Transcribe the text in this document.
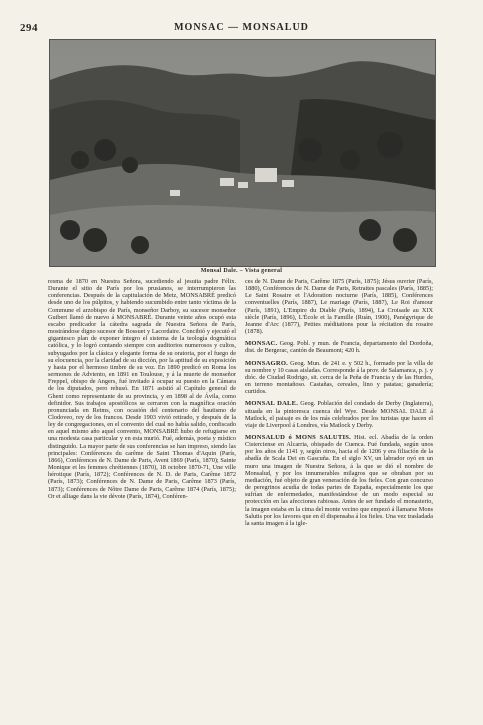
294	MONSAC — MONSALUD
Monsal Dale. – Vista general

resma de 1870 en Nuestra Señora, sucediendo al jesuita padre Félix. Durante el sitio de París por los prusianos, se interrumpieron las conferencias. Después de la capitulación de Metz, MONSABRÉ predicó desde uno de los púlpitos, y habiendo sucumbido entre tanto víctima de la Commune el arzobispo de París, monseñor Darboy, su sucesor monseñor Guibert llamó de nuevo á MONSABRÉ. Durante veinte años ocupó esta escabo predicador la cátedra sagrada de Nuestra Señora de París, mostrándose digno sucesor de Bossuet y Lacordaire. Concibió y ejecutó el gigantesco plan de exponer íntegro el sistema de la teología dogmática católica, y lo logró contando siempre con auditorios numerosos y cultos, subyugados por la clásica y elegante forma de su oratoria, por el fuego de su elocuencia, por la claridad de su dicción, por la aptitud de su exposición y hasta por el hermoso timbre de su voz. En 1890 predicó en Roma los sermones de Adviento, en 1891 en Toulouse, y á la muerte de monseñor Freppel, obispo de Angers, fué invitado á ocupar su puesto en la Cámara de los diputados, pero rehusó. En 1871 asistió al Capítulo general de Ghent como representante de su provincia, y en 1898 al de Ávila, como definidor. Sus trabajos apostólicos se cerraron con la magnífica oración pronunciada en Reims, con ocasión del centenario del bautismo de Clodoveo, rey de los francos. Desde 1903 vivió retirado, y después de la ley de congregaciones, en el convento del cual no había salido, confiscado en aquel mismo año aquel convento, MONSABRÉ hubo de refugiarse en una modesta casa particular y en esta murió. Fué, además, poeta y místico distinguido. La mayor parte de sus conferencias se han impreso, siendo las principales: Conférences du carême de Saint Thomas d'Aquin (París, 1866), Conférences de N. Dame de Paris, Avent 1869 (París, 1870); Sainte Monique et les femmes chrétiennes (1870), 18 octobre 1870-71, Une ville hérotique (París, 1872); Conférences de N. D. de Paris, Carême 1872 (París, 1873); Conférences de N. Dame de Paris, Carême 1873 (París, 1873); Conférences de Nôtre Dame de Paris, Carême 1874 (París, 1875); Or et alliage dans la vie dévote (París, 1874), Conféren-

ces de N. Dame de Paris, Carême 1875 (París, 1875); Jésus ouvrier (París, 1880), Conférences de N. Dame de Paris, Retraites pascales (París, 1885); Le Saint Rosaire et l'Adoration nocturne (París, 1885), Conférences conventuelles (París, 1887), Le mariage (París, 1887), Le Roi d'amour (París, 1891), L'Empire du Diable (París, 1894), La Croisade au XIX siècle (París, 1896), L'École et la Famille (Ruán, 1900), Panégyrique de Jeanne d'Arc (1877), Petites méditations pour la récitation du rosaire (1878).

MONSAC. Geog. Pobl. y mun. de Francia, departamento del Dordoña, dist. de Bergerac, cantón de Beaumont; 420 h.

MONSAGRO. Geog. Mun. de 241 e. y 502 h., formado por la villa de su nombre y 10 casas aisladas. Corresponde á la prov. de Salamanca, p. j. y dióc. de Ciudad Rodrigo, sit. cerca de la Peña de Francia y de las Hurdes, en terreno montañoso. Castañas, cereales, lino y patatas; ganadería; curtidos.

MONSAL DALE. Geog. Población del condado de Derby (Inglaterra), situada en la pintoresca cuenca del Wye. Desde MONSAL DALE á Matlock, el paisaje es de los más celebrados por los turistas que hacen el viaje de Liverpool á Londres, vía Matlock y Derby.

MONSALUD ó MONS SALUTIS. Hist. ecl. Abadía de la orden Cisterciense en Alcarria, obispado de Cuenca. Fué fundada, según unos por los años de 1141 y, según otros, hacia el de 1206 y era filiación de la abadía de Scala Dei en Gascuña. En el siglo XV, un labrador oyó en un muro una imagen de Nuestra Señora, á la que se dió el nombre de Monsalud, y por los innumerables milagros que se obraban por su mediación, fué objeto de gran veneración de los fieles. Con gran concurso de peregrinos acudía de todas partes de España, especialmente los que sufrían de enfermedades, manifestándose de un modo especial su protección en las afecciones rabiosas. Antes de ser fundado el monasterio, la imagen estaba en la cima del monte vecino que empezó á llamarse Mons Salutis por los favores que en él dispensaba á los fieles. Una vez trasladada la santa imagen á la igle-
